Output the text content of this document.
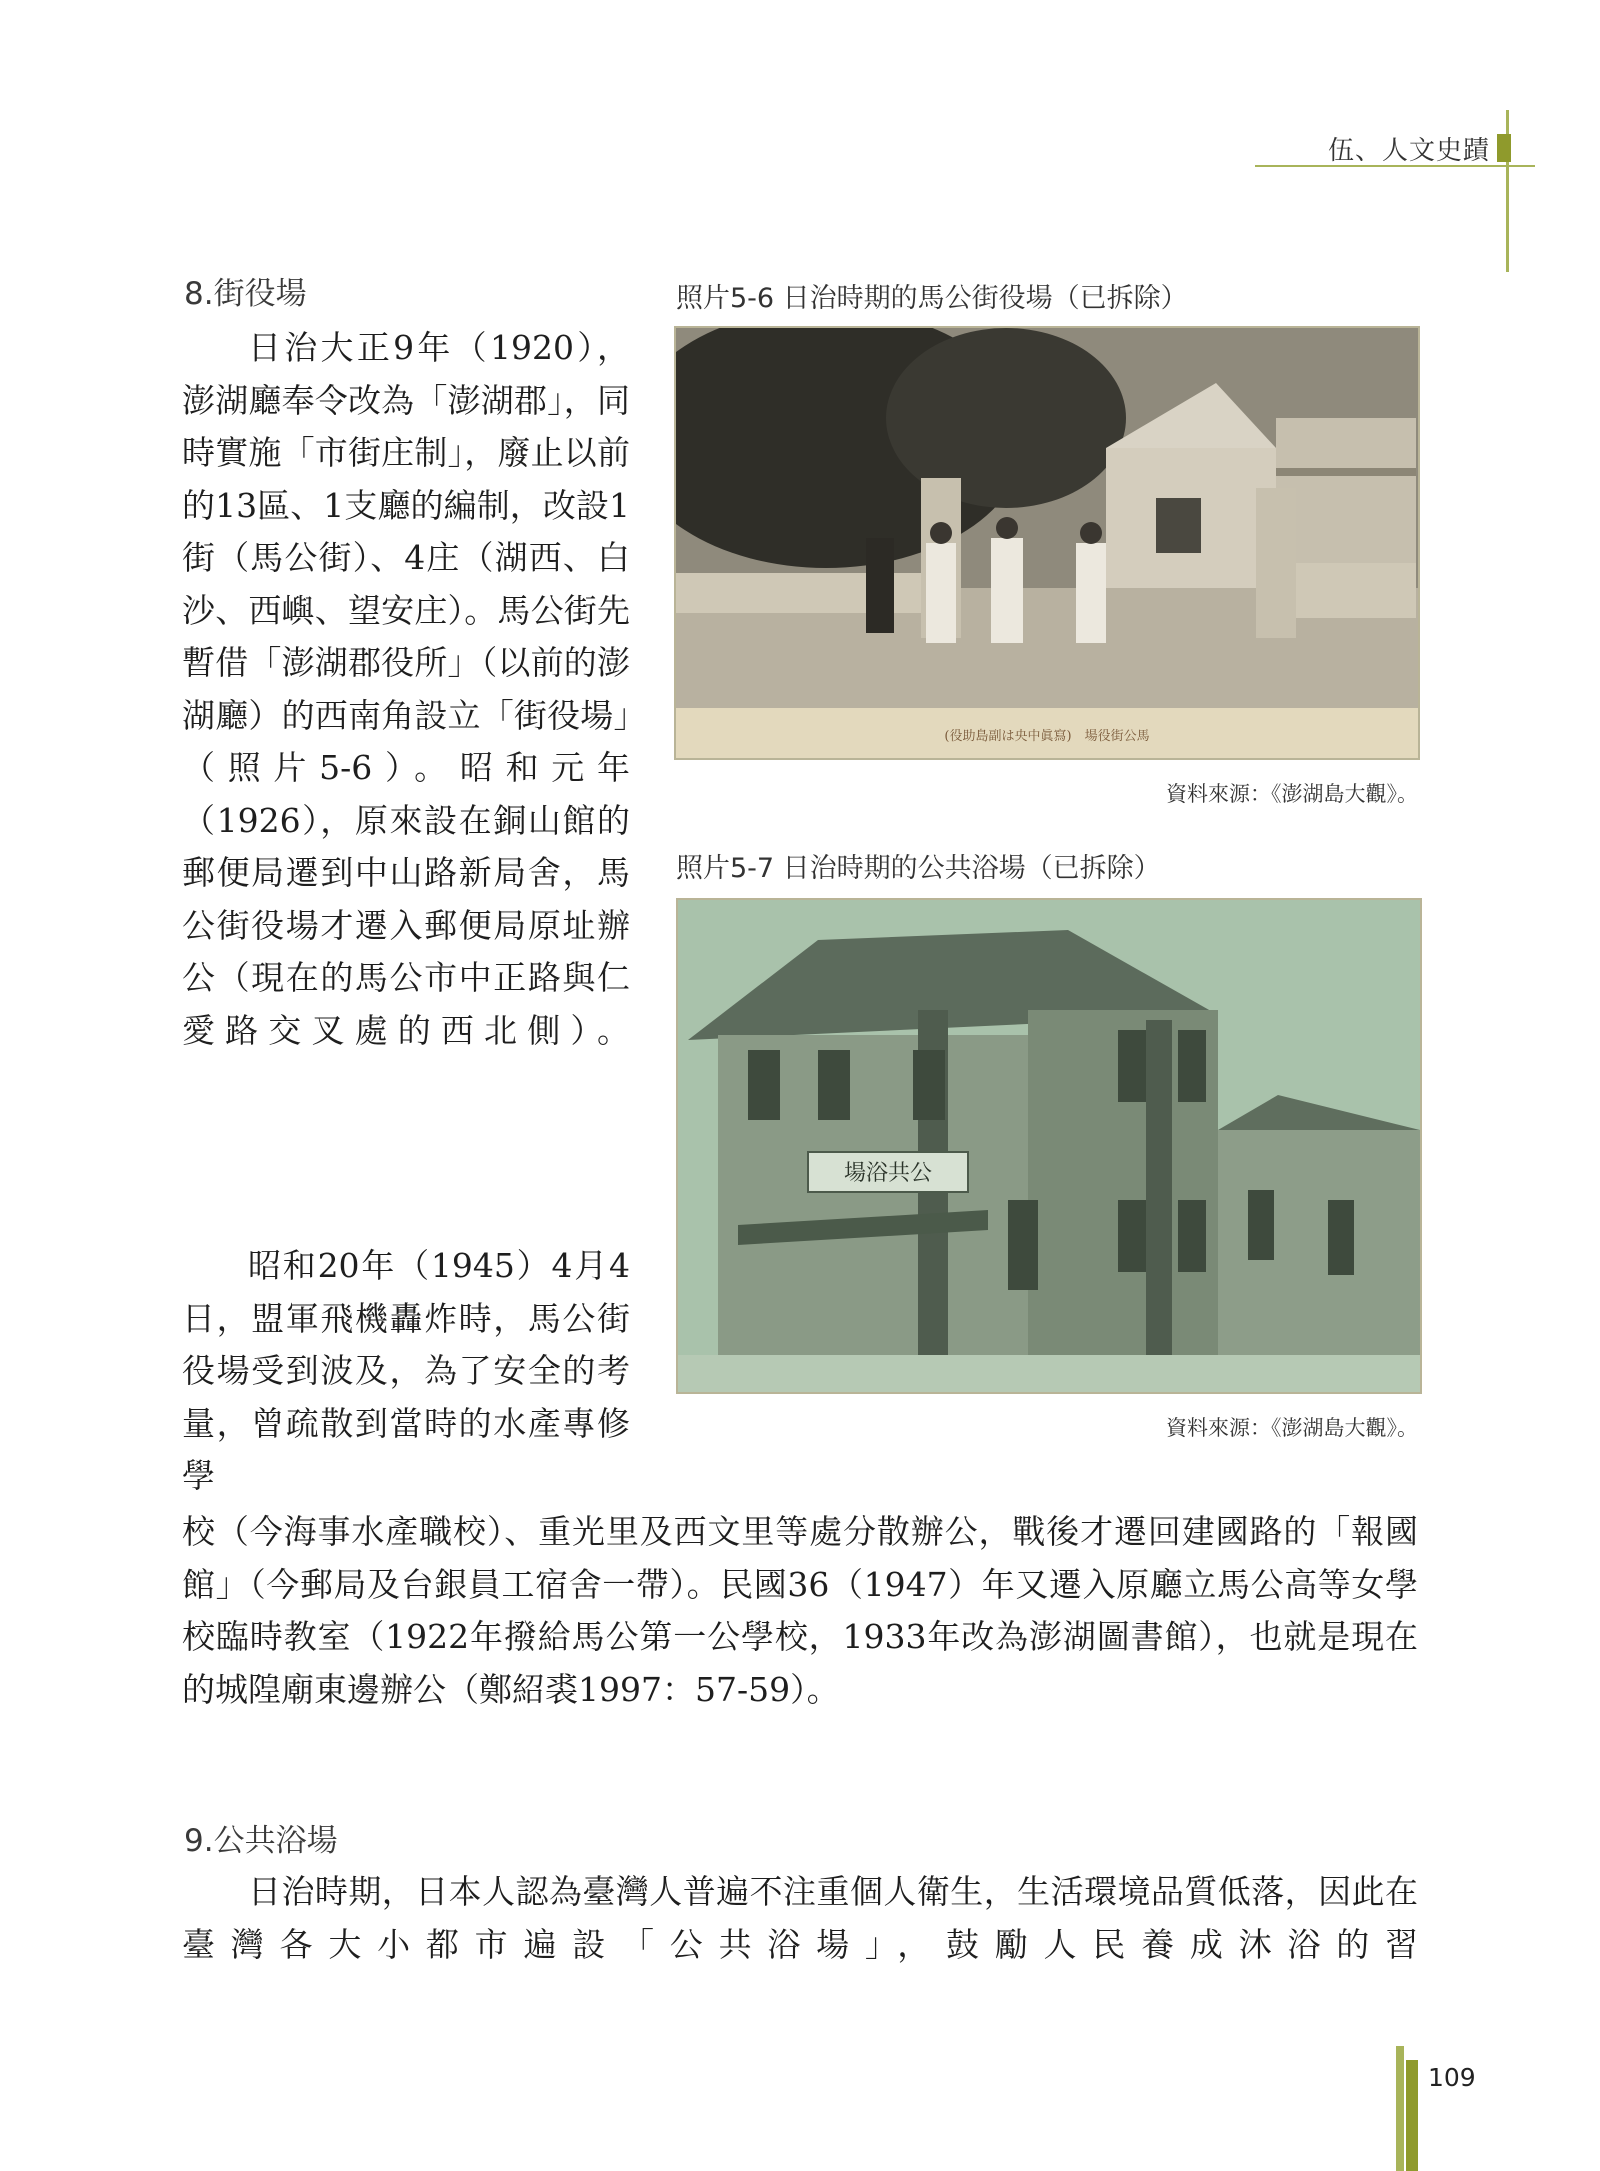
伍、人文史蹟
8.街役場

日治大正9年（1920），澎湖廳奉令改為「澎湖郡」，同時實施「市街庄制」，廢止以前的13區、1支廳的編制，改設1街（馬公街）、4庄（湖西、白沙、西嶼、望安庄）。馬公街先暫借「澎湖郡役所」（以前的澎湖廳）的西南角設立「街役場」（照片5-6）。昭和元年（1926），原來設在銅山館的郵便局遷到中山路新局舍，馬公街役場才遷入郵便局原址辦公（現在的馬公市中正路與仁愛路交叉處的西北側）。

昭和20年（1945）4月4日，盟軍飛機轟炸時，馬公街役場受到波及，為了安全的考量，曾疏散到當時的水產專修學

校（今海事水產職校）、重光里及西文里等處分散辦公，戰後才遷回建國路的「報國館」（今郵局及台銀員工宿舍一帶）。民國36（1947）年又遷入原廳立馬公高等女學校臨時教室（1922年撥給馬公第一公學校，1933年改為澎湖圖書館），也就是現在的城隍廟東邊辦公（鄭紹裘1997：57-59）。

照片5-6 日治時期的馬公街役場（已拆除）
(役助島副は央中眞寫)　場役街公馬
資料來源：《澎湖島大觀》。
照片5-7 日治時期的公共浴場（已拆除）
場浴共公
資料來源：《澎湖島大觀》。
9.公共浴場

日治時期，日本人認為臺灣人普遍不注重個人衛生，生活環境品質低落，因此在臺灣各大小都市遍設「公共浴場」，鼓勵人民養成沐浴的習

109
